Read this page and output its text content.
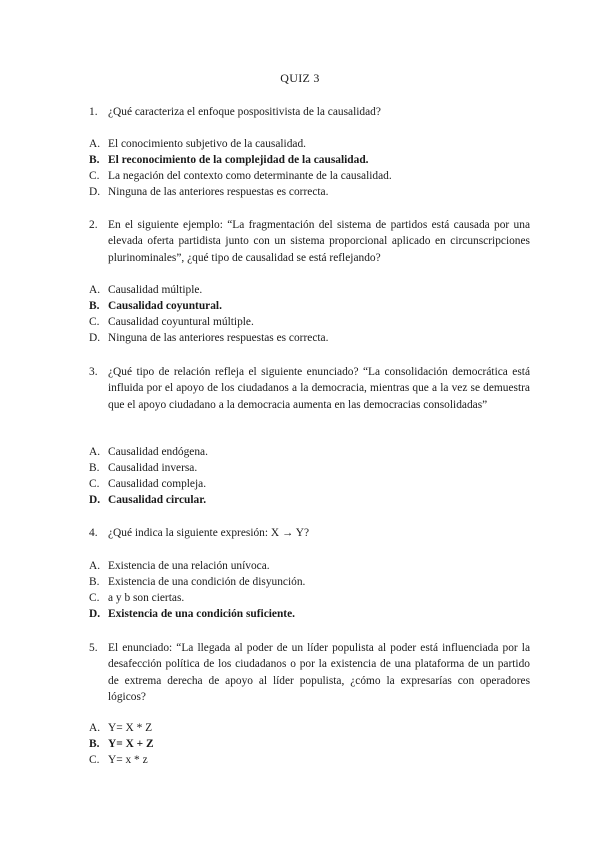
QUIZ 3
1. ¿Qué caracteriza el enfoque pospositivista de la causalidad?
A. El conocimiento subjetivo de la causalidad.
B. El reconocimiento de la complejidad de la causalidad.
C. La negación del contexto como determinante de la causalidad.
D. Ninguna de las anteriores respuestas es correcta.
2. En el siguiente ejemplo: “La fragmentación del sistema de partidos está causada por una elevada oferta partidista junto con un sistema proporcional aplicado en circunscripciones plurinominales”, ¿qué tipo de causalidad se está reflejando?
A. Causalidad múltiple.
B. Causalidad coyuntural.
C. Causalidad coyuntural múltiple.
D. Ninguna de las anteriores respuestas es correcta.
3. ¿Qué tipo de relación refleja el siguiente enunciado? “La consolidación democrática está influida por el apoyo de los ciudadanos a la democracia, mientras que a la vez se demuestra que el apoyo ciudadano a la democracia aumenta en las democracias consolidadas”
A. Causalidad endógena.
B. Causalidad inversa.
C. Causalidad compleja.
D. Causalidad circular.
4. ¿Qué indica la siguiente expresión: X → Y?
A. Existencia de una relación unívoca.
B. Existencia de una condición de disyunción.
C. a y b son ciertas.
D. Existencia de una condición suficiente.
5. El enunciado: “La llegada al poder de un líder populista al poder está influenciada por la desafección política de los ciudadanos o por la existencia de una plataforma de un partido de extrema derecha de apoyo al líder populista, ¿cómo la expresarías con operadores lógicos?
A. Y= X * Z
B. Y= X + Z
C. Y= x * z
